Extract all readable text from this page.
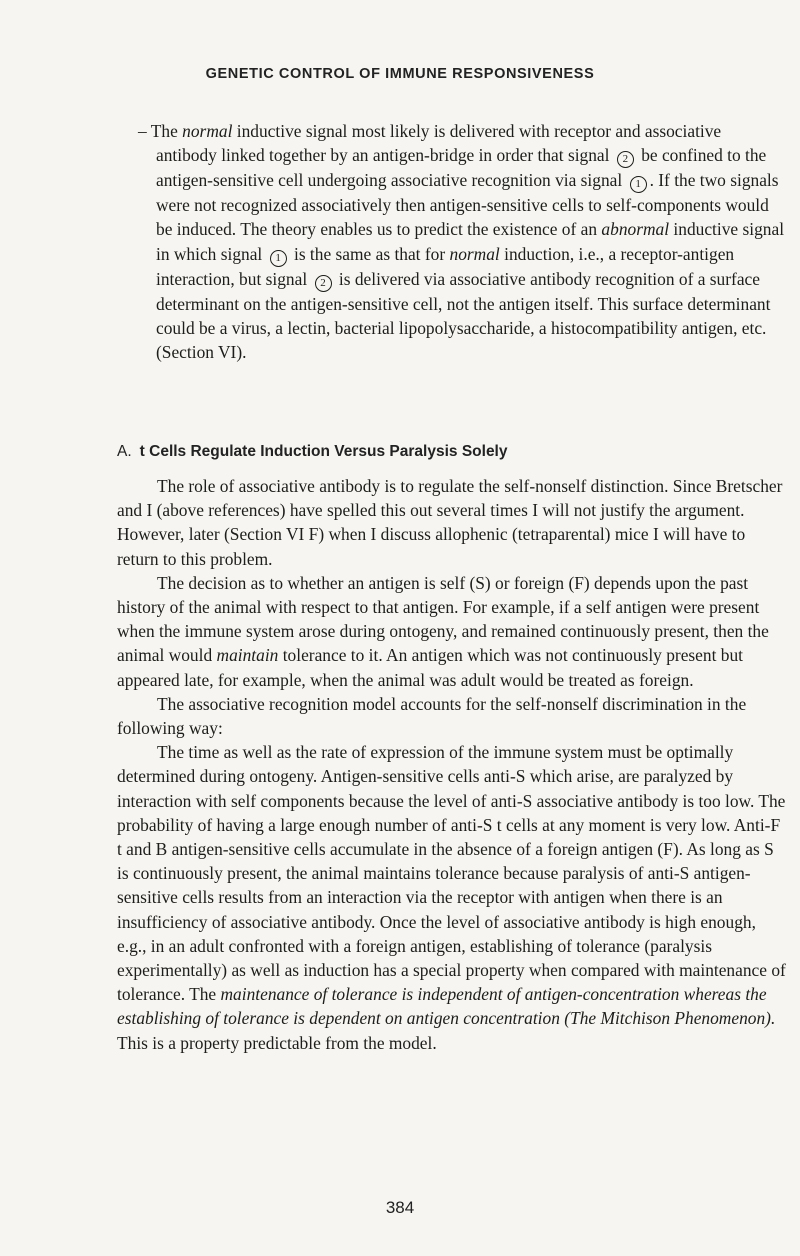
GENETIC CONTROL OF IMMUNE RESPONSIVENESS

– The normal inductive signal most likely is delivered with receptor and associative antibody linked together by an antigen-bridge in order that signal 2 be confined to the antigen-sensitive cell undergoing associative recognition via signal 1 . If the two signals were not recognized associatively then antigen-sensitive cells to self-components would be induced. The theory enables us to predict the existence of an abnormal inductive signal in which signal 1 is the same as that for normal induction, i.e., a receptor-antigen interaction, but signal 2 is delivered via associative antibody recognition of a surface determinant on the antigen-sensitive cell, not the antigen itself. This surface determinant could be a virus, a lectin, bacterial lipopolysaccharide, a histocompatibility antigen, etc. (Section VI).

A. t Cells Regulate Induction Versus Paralysis Solely

The role of associative antibody is to regulate the self-nonself distinction. Since Bretscher and I (above references) have spelled this out several times I will not justify the argument. However, later (Section VI F) when I discuss allophenic (tetraparental) mice I will have to return to this problem.

The decision as to whether an antigen is self (S) or foreign (F) depends upon the past history of the animal with respect to that antigen. For example, if a self antigen were present when the immune system arose during ontogeny, and remained continuously present, then the animal would maintain tolerance to it. An antigen which was not continuously present but appeared late, for example, when the animal was adult would be treated as foreign.

The associative recognition model accounts for the self-nonself discrimination in the following way:

The time as well as the rate of expression of the immune system must be optimally determined during ontogeny. Antigen-sensitive cells anti-S which arise, are paralyzed by interaction with self components because the level of anti-S associative antibody is too low. The probability of having a large enough number of anti-S t cells at any moment is very low. Anti-F t and B antigen-sensitive cells accumulate in the absence of a foreign antigen (F). As long as S is continuously present, the animal maintains tolerance because paralysis of anti-S antigen-sensitive cells results from an interaction via the receptor with antigen when there is an insufficiency of associative antibody. Once the level of associative antibody is high enough, e.g., in an adult confronted with a foreign antigen, establishing of tolerance (paralysis experimentally) as well as induction has a special property when compared with maintenance of tolerance. The maintenance of tolerance is independent of antigen-concentration whereas the establishing of tolerance is dependent on antigen concentration (The Mitchison Phenomenon). This is a property predictable from the model.

384
